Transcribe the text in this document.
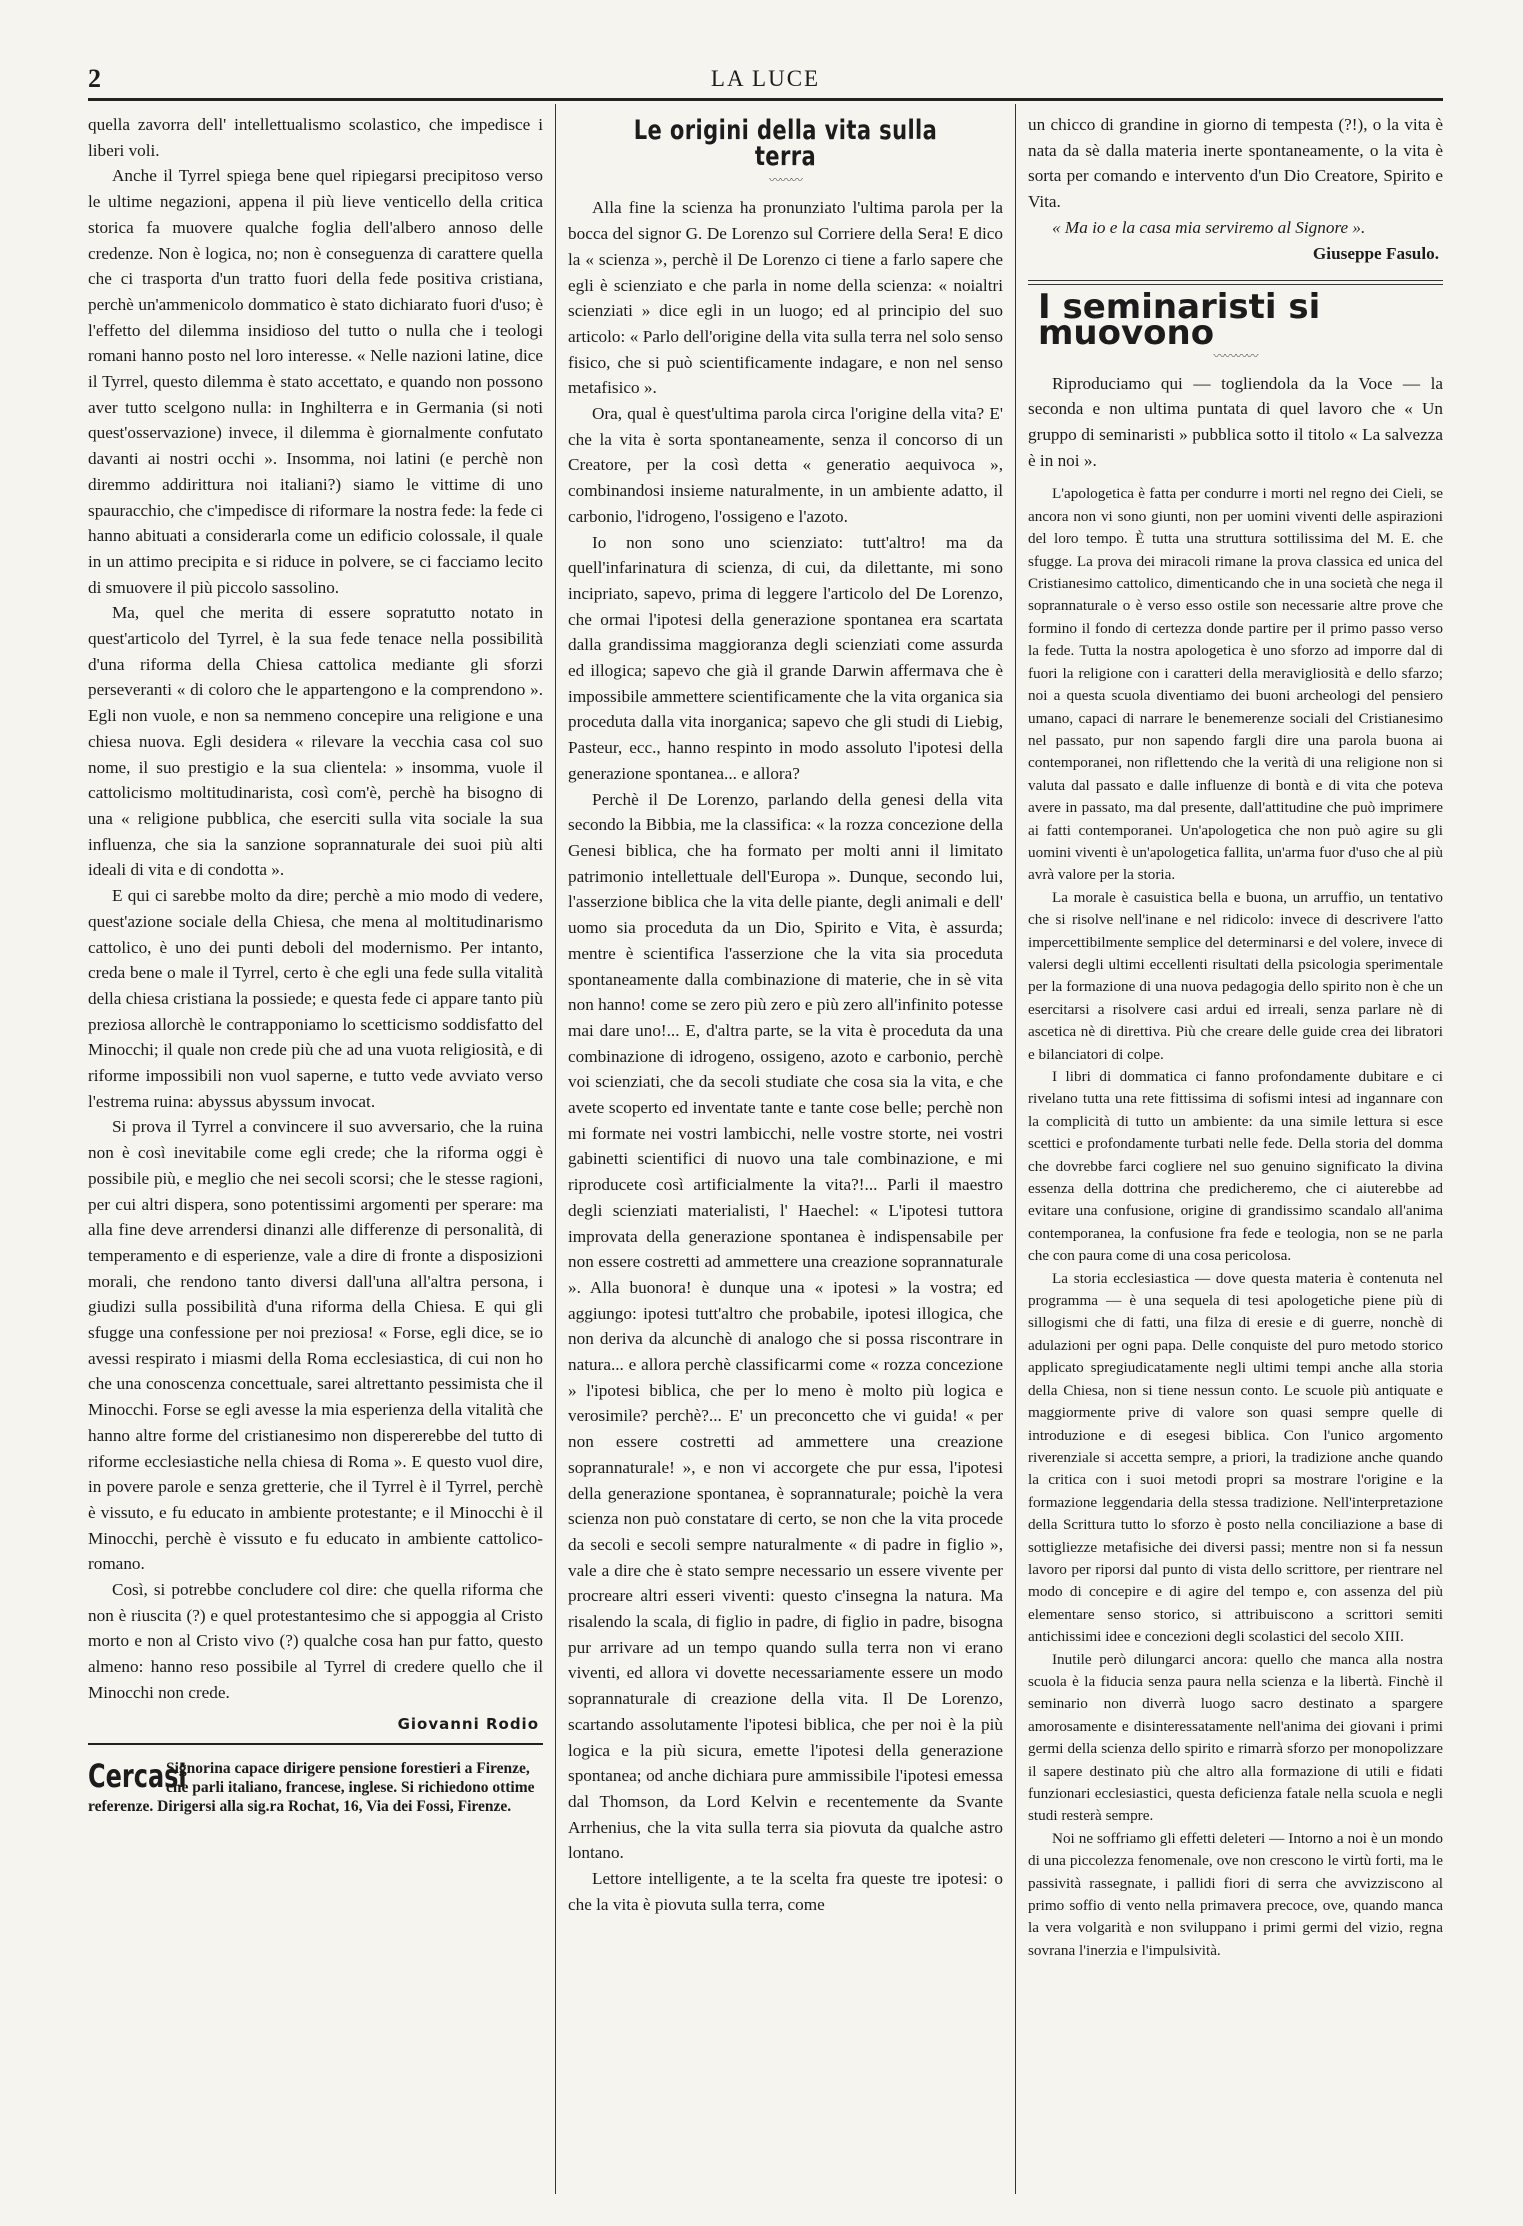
2	LA LUCE

quella zavorra dell' intellettualismo scolastico, che impedisce i liberi voli.

Anche il Tyrrel spiega bene quel ripiegarsi precipitoso verso le ultime negazioni, appena il più lieve venticello della critica storica fa muovere qualche foglia dell'albero annoso delle credenze. Non è logica, no; non è conseguenza di carattere quella che ci trasporta d'un tratto fuori della fede positiva cristiana, perchè un'ammenicolo dommatico è stato dichiarato fuori d'uso; è l'effetto del dilemma insidioso del tutto o nulla che i teologi romani hanno posto nel loro interesse. « Nelle nazioni latine, dice il Tyrrel, questo dilemma è stato accettato, e quando non possono aver tutto scelgono nulla: in Inghilterra e in Germania (si noti quest'osservazione) invece, il dilemma è giornalmente confutato davanti ai nostri occhi ». Insomma, noi latini (e perchè non diremmo addirittura noi italiani?) siamo le vittime di uno spauracchio, che c'impedisce di riformare la nostra fede: la fede ci hanno abituati a considerarla come un edificio colossale, il quale in un attimo precipita e si riduce in polvere, se ci facciamo lecito di smuovere il più piccolo sassolino.

Ma, quel che merita di essere sopratutto notato in quest'articolo del Tyrrel, è la sua fede tenace nella possibilità d'una riforma della Chiesa cattolica mediante gli sforzi perseveranti « di coloro che le appartengono e la comprendono ». Egli non vuole, e non sa nemmeno concepire una religione e una chiesa nuova. Egli desidera « rilevare la vecchia casa col suo nome, il suo prestigio e la sua clientela: » insomma, vuole il cattolicismo moltitudinarista, così com'è, perchè ha bisogno di una « religione pubblica, che eserciti sulla vita sociale la sua influenza, che sia la sanzione soprannaturale dei suoi più alti ideali di vita e di condotta ».

E qui ci sarebbe molto da dire; perchè a mio modo di vedere, quest'azione sociale della Chiesa, che mena al moltitudinarismo cattolico, è uno dei punti deboli del modernismo. Per intanto, creda bene o male il Tyrrel, certo è che egli una fede sulla vitalità della chiesa cristiana la possiede; e questa fede ci appare tanto più preziosa allorchè le contrapponiamo lo scetticismo soddisfatto del Minocchi; il quale non crede più che ad una vuota religiosità, e di riforme impossibili non vuol saperne, e tutto vede avviato verso l'estrema ruina: abyssus abyssum invocat.

Si prova il Tyrrel a convincere il suo avversario, che la ruina non è così inevitabile come egli crede; che la riforma oggi è possibile più, e meglio che nei secoli scorsi; che le stesse ragioni, per cui altri dispera, sono potentissimi argomenti per sperare: ma alla fine deve arrendersi dinanzi alle differenze di personalità, di temperamento e di esperienze, vale a dire di fronte a disposizioni morali, che rendono tanto diversi dall'una all'altra persona, i giudizi sulla possibilità d'una riforma della Chiesa. E qui gli sfugge una confessione per noi preziosa! « Forse, egli dice, se io avessi respirato i miasmi della Roma ecclesiastica, di cui non ho che una conoscenza concettuale, sarei altrettanto pessimista che il Minocchi. Forse se egli avesse la mia esperienza della vitalità che hanno altre forme del cristianesimo non dispererebbe del tutto di riforme ecclesiastiche nella chiesa di Roma ». E questo vuol dire, in povere parole e senza gretterie, che il Tyrrel è il Tyrrel, perchè è vissuto, e fu educato in ambiente protestante; e il Minocchi è il Minocchi, perchè è vissuto e fu educato in ambiente cattolico-romano.

Così, si potrebbe concludere col dire: che quella riforma che non è riuscita (?) e quel protestantesimo che si appoggia al Cristo morto e non al Cristo vivo (?) qualche cosa han pur fatto, questo almeno: hanno reso possibile al Tyrrel di credere quello che il Minocchi non crede.

Giovanni Rodio
Cercasi
Signorina capace dirigere pensione forestieri a Firenze, che parli italiano, francese, inglese. Si richiedono ottime referenze. Dirigersi alla sig.ra Rochat, 16, Via dei Fossi, Firenze.
Le origini della vita sulla terra
〰〰〰

Alla fine la scienza ha pronunziato l'ultima parola per la bocca del signor G. De Lorenzo sul Corriere della Sera! E dico la « scienza », perchè il De Lorenzo ci tiene a farlo sapere che egli è scienziato e che parla in nome della scienza: « noialtri scienziati » dice egli in un luogo; ed al principio del suo articolo: « Parlo dell'origine della vita sulla terra nel solo senso fisico, che si può scientificamente indagare, e non nel senso metafisico ».

Ora, qual è quest'ultima parola circa l'origine della vita? E' che la vita è sorta spontaneamente, senza il concorso di un Creatore, per la così detta « generatio aequivoca », combinandosi insieme naturalmente, in un ambiente adatto, il carbonio, l'idrogeno, l'ossigeno e l'azoto.

Io non sono uno scienziato: tutt'altro! ma da quell'infarinatura di scienza, di cui, da dilettante, mi sono incipriato, sapevo, prima di leggere l'articolo del De Lorenzo, che ormai l'ipotesi della generazione spontanea era scartata dalla grandissima maggioranza degli scienziati come assurda ed illogica; sapevo che già il grande Darwin affermava che è impossibile ammettere scientificamente che la vita organica sia proceduta dalla vita inorganica; sapevo che gli studi di Liebig, Pasteur, ecc., hanno respinto in modo assoluto l'ipotesi della generazione spontanea... e allora?

Perchè il De Lorenzo, parlando della genesi della vita secondo la Bibbia, me la classifica: « la rozza concezione della Genesi biblica, che ha formato per molti anni il limitato patrimonio intellettuale dell'Europa ». Dunque, secondo lui, l'asserzione biblica che la vita delle piante, degli animali e dell' uomo sia proceduta da un Dio, Spirito e Vita, è assurda; mentre è scientifica l'asserzione che la vita sia proceduta spontaneamente dalla combinazione di materie, che in sè vita non hanno! come se zero più zero e più zero all'infinito potesse mai dare uno!... E, d'altra parte, se la vita è proceduta da una combinazione di idrogeno, ossigeno, azoto e carbonio, perchè voi scienziati, che da secoli studiate che cosa sia la vita, e che avete scoperto ed inventate tante e tante cose belle; perchè non mi formate nei vostri lambicchi, nelle vostre storte, nei vostri gabinetti scientifici di nuovo una tale combinazione, e mi riproducete così artificialmente la vita?!... Parli il maestro degli scienziati materialisti, l' Haechel: « L'ipotesi tuttora improvata della generazione spontanea è indispensabile per non essere costretti ad ammettere una creazione soprannaturale ». Alla buonora! è dunque una « ipotesi » la vostra; ed aggiungo: ipotesi tutt'altro che probabile, ipotesi illogica, che non deriva da alcunchè di analogo che si possa riscontrare in natura... e allora perchè classificarmi come « rozza concezione » l'ipotesi biblica, che per lo meno è molto più logica e verosimile? perchè?... E' un preconcetto che vi guida! « per non essere costretti ad ammettere una creazione soprannaturale! », e non vi accorgete che pur essa, l'ipotesi della generazione spontanea, è soprannaturale; poichè la vera scienza non può constatare di certo, se non che la vita procede da secoli e secoli sempre naturalmente « di padre in figlio », vale a dire che è stato sempre necessario un essere vivente per procreare altri esseri viventi: questo c'insegna la natura. Ma risalendo la scala, di figlio in padre, di figlio in padre, bisogna pur arrivare ad un tempo quando sulla terra non vi erano viventi, ed allora vi dovette necessariamente essere un modo soprannaturale di creazione della vita. Il De Lorenzo, scartando assolutamente l'ipotesi biblica, che per noi è la più logica e la più sicura, emette l'ipotesi della generazione spontanea; od anche dichiara pure ammissibile l'ipotesi emessa dal Thomson, da Lord Kelvin e recentemente da Svante Arrhenius, che la vita sulla terra sia piovuta da qualche astro lontano.

Lettore intelligente, a te la scelta fra queste tre ipotesi: o che la vita è piovuta sulla terra, come

un chicco di grandine in giorno di tempesta (?!), o la vita è nata da sè dalla materia inerte spontaneamente, o la vita è sorta per comando e intervento d'un Dio Creatore, Spirito e Vita.

« Ma io e la casa mia serviremo al Signore ».

Giuseppe Fasulo.
I seminaristi si muovono
〰〰〰〰

Riproduciamo qui — togliendola da la Voce — la seconda e non ultima puntata di quel lavoro che « Un gruppo di seminaristi » pubblica sotto il titolo « La salvezza è in noi ».

L'apologetica è fatta per condurre i morti nel regno dei Cieli, se ancora non vi sono giunti, non per uomini viventi delle aspirazioni del loro tempo. È tutta una struttura sottilissima del M. E. che sfugge. La prova dei miracoli rimane la prova classica ed unica del Cristianesimo cattolico, dimenticando che in una società che nega il soprannaturale o è verso esso ostile son necessarie altre prove che formino il fondo di certezza donde partire per il primo passo verso la fede. Tutta la nostra apologetica è uno sforzo ad imporre dal di fuori la religione con i caratteri della meravigliosità e dello sfarzo; noi a questa scuola diventiamo dei buoni archeologi del pensiero umano, capaci di narrare le benemerenze sociali del Cristianesimo nel passato, pur non sapendo fargli dire una parola buona ai contemporanei, non riflettendo che la verità di una religione non si valuta dal passato e dalle influenze di bontà e di vita che poteva avere in passato, ma dal presente, dall'attitudine che può imprimere ai fatti contemporanei. Un'apologetica che non può agire su gli uomini viventi è un'apologetica fallita, un'arma fuor d'uso che al più avrà valore per la storia.

La morale è casuistica bella e buona, un arruffio, un tentativo che si risolve nell'inane e nel ridicolo: invece di descrivere l'atto impercettibilmente semplice del determinarsi e del volere, invece di valersi degli ultimi eccellenti risultati della psicologia sperimentale per la formazione di una nuova pedagogia dello spirito non è che un esercitarsi a risolvere casi ardui ed irreali, senza parlare nè di ascetica nè di direttiva. Più che creare delle guide crea dei libratori e bilanciatori di colpe.

I libri di dommatica ci fanno profondamente dubitare e ci rivelano tutta una rete fittissima di sofismi intesi ad ingannare con la complicità di tutto un ambiente: da una simile lettura si esce scettici e profondamente turbati nelle fede. Della storia del domma che dovrebbe farci cogliere nel suo genuino significato la divina essenza della dottrina che predicheremo, che ci aiuterebbe ad evitare una confusione, origine di grandissimo scandalo all'anima contemporanea, la confusione fra fede e teologia, non se ne parla che con paura come di una cosa pericolosa.

La storia ecclesiastica — dove questa materia è contenuta nel programma — è una sequela di tesi apologetiche piene più di sillogismi che di fatti, una filza di eresie e di guerre, nonchè di adulazioni per ogni papa. Delle conquiste del puro metodo storico applicato spregiudicatamente negli ultimi tempi anche alla storia della Chiesa, non si tiene nessun conto. Le scuole più antiquate e maggiormente prive di valore son quasi sempre quelle di introduzione e di esegesi biblica. Con l'unico argomento riverenziale si accetta sempre, a priori, la tradizione anche quando la critica con i suoi metodi propri sa mostrare l'origine e la formazione leggendaria della stessa tradizione. Nell'interpretazione della Scrittura tutto lo sforzo è posto nella conciliazione a base di sottigliezze metafisiche dei diversi passi; mentre non si fa nessun lavoro per riporsi dal punto di vista dello scrittore, per rientrare nel modo di concepire e di agire del tempo e, con assenza del più elementare senso storico, si attribuiscono a scrittori semiti antichissimi idee e concezioni degli scolastici del secolo XIII.

Inutile però dilungarci ancora: quello che manca alla nostra scuola è la fiducia senza paura nella scienza e la libertà. Finchè il seminario non diverrà luogo sacro destinato a spargere amorosamente e disinteressatamente nell'anima dei giovani i primi germi della scienza dello spirito e rimarrà sforzo per monopolizzare il sapere destinato più che altro alla formazione di utili e fidati funzionari ecclesiastici, questa deficienza fatale nella scuola e negli studi resterà sempre.

Noi ne soffriamo gli effetti deleteri — Intorno a noi è un mondo di una piccolezza fenomenale, ove non crescono le virtù forti, ma le passività rassegnate, i pallidi fiori di serra che avvizziscono al primo soffio di vento nella primavera precoce, ove, quando manca la vera volgarità e non sviluppano i primi germi del vizio, regna sovrana l'inerzia e l'impulsività.
